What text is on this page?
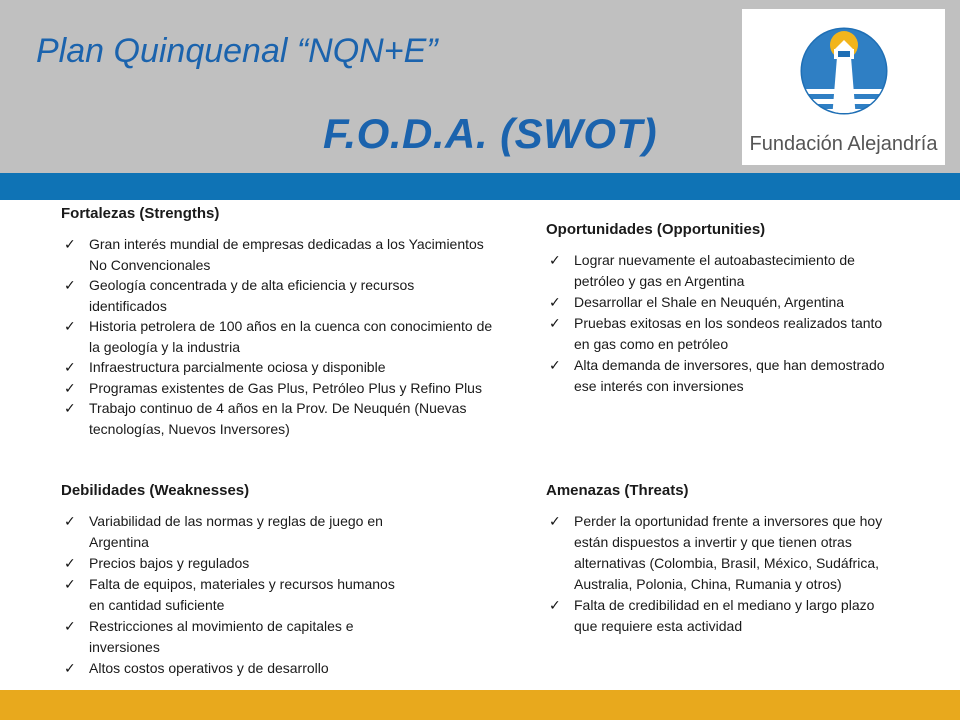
Plan Quinquenal “NQN+E”
F.O.D.A. (SWOT)	Fundación Alejandría
Fortalezas (Strengths)
✓ Gran interés mundial de empresas dedicadas a los Yacimientos No Convencionales
✓ Geología concentrada y de alta eficiencia y recursos identificados
✓ Historia petrolera de 100 años en la cuenca con conocimiento de la geología y la industria
✓ Infraestructura parcialmente ociosa y disponible
✓ Programas existentes de Gas Plus, Petróleo Plus y Refino Plus
✓ Trabajo continuo de 4 años en la Prov. De Neuquén (Nuevas tecnologías, Nuevos Inversores)
Oportunidades (Opportunities)
✓ Lograr nuevamente el autoabastecimiento de petróleo y gas en Argentina
✓ Desarrollar el Shale en Neuquén, Argentina
✓ Pruebas exitosas en los sondeos realizados tanto en gas como en petróleo
✓ Alta demanda de inversores, que han demostrado ese interés con inversiones
Debilidades (Weaknesses)
✓ Variabilidad de las normas y reglas de juego en Argentina
✓ Precios bajos y regulados
✓ Falta de equipos, materiales y recursos humanos en cantidad suficiente
✓ Restricciones al movimiento de capitales e inversiones
✓ Altos costos operativos y de desarrollo
Amenazas (Threats)
✓ Perder la oportunidad frente a inversores que hoy están dispuestos a invertir y que tienen otras alternativas (Colombia, Brasil, México, Sudáfrica, Australia, Polonia, China, Rumania y otros)
✓ Falta de credibilidad en el mediano y largo plazo que requiere esta actividad
